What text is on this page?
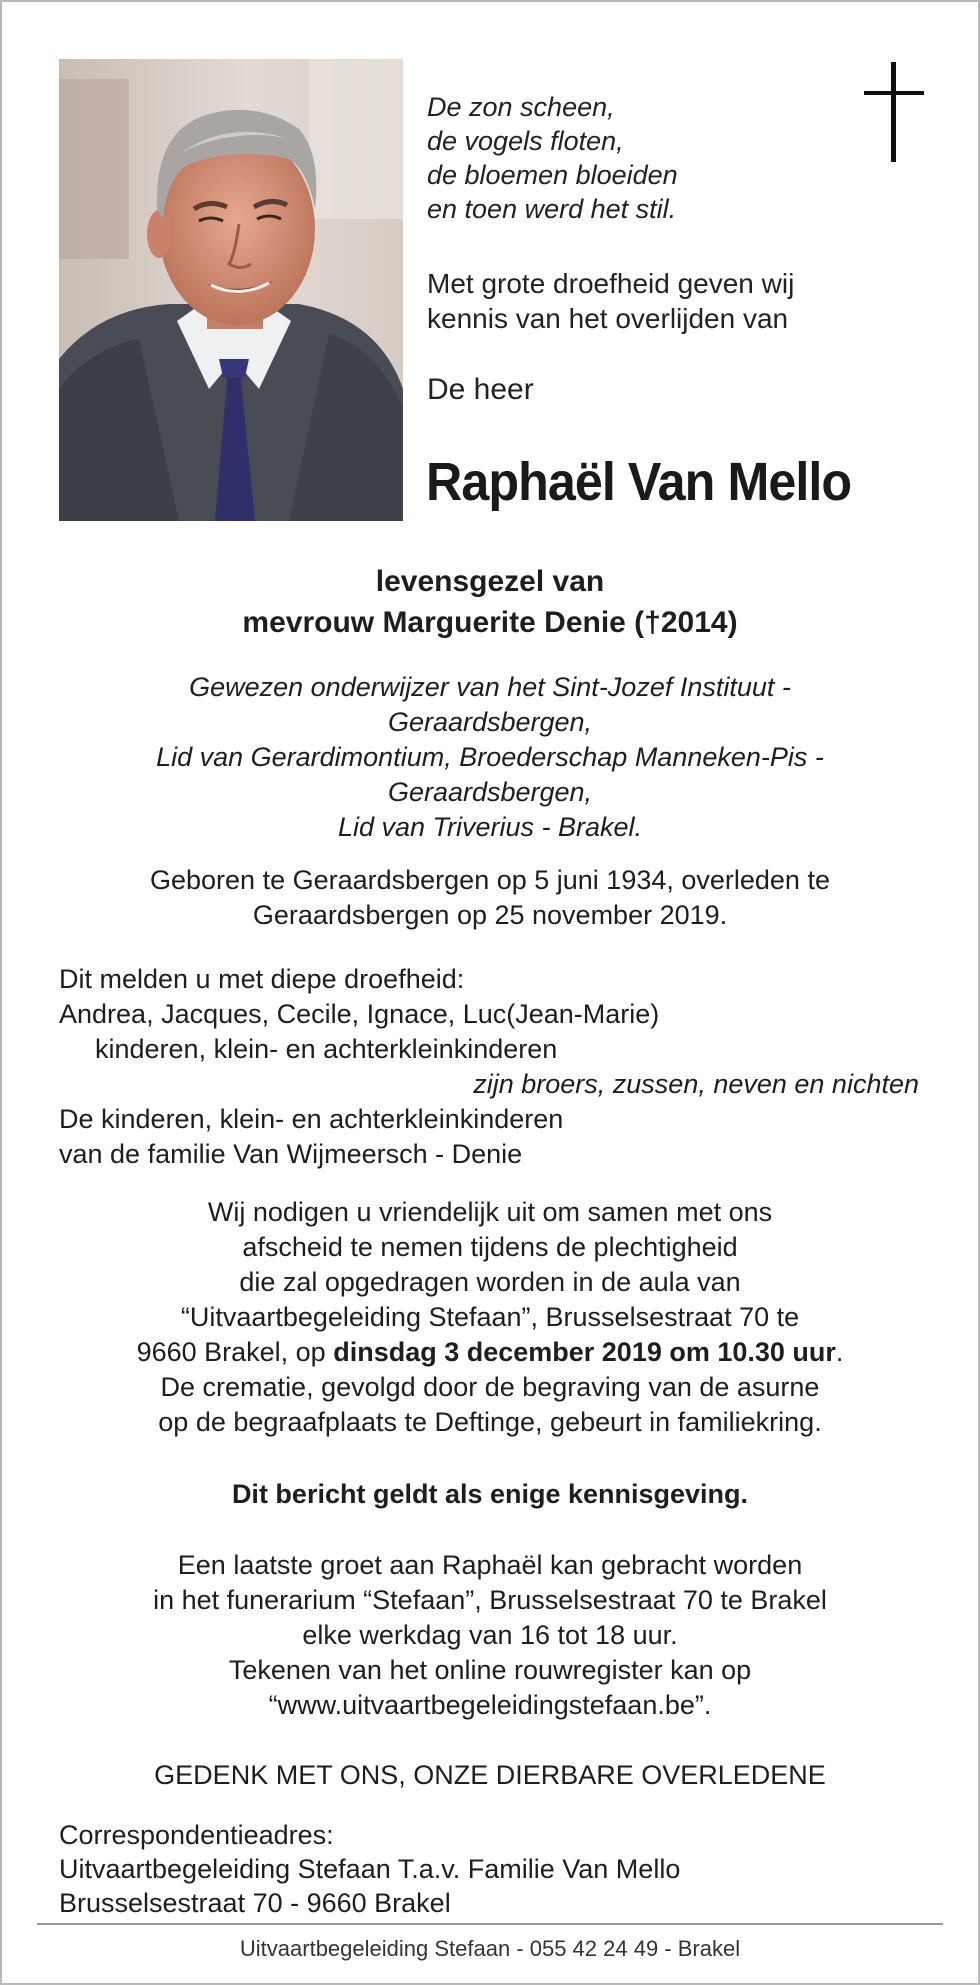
De zon scheen,
de vogels floten,
de bloemen bloeiden
en toen werd het stil.
Met grote droefheid geven wij
kennis van het overlijden van
De heer
Raphaël Van Mello
levensgezel van
mevrouw Marguerite Denie (†2014)
Gewezen onderwijzer van het Sint-Jozef Instituut -
Geraardsbergen,
Lid van Gerardimontium, Broederschap Manneken-Pis -
Geraardsbergen,
Lid van Triverius - Brakel.
Geboren te Geraardsbergen op 5 juni 1934, overleden te
Geraardsbergen op 25 november 2019.
Dit melden u met diepe droefheid:
Andrea, Jacques, Cecile, Ignace, Luc(Jean-Marie)
kinderen, klein- en achterkleinkinderen
zijn broers, zussen, neven en nichten
De kinderen, klein- en achterkleinkinderen
van de familie Van Wijmeersch - Denie
Wij nodigen u vriendelijk uit om samen met ons
afscheid te nemen tijdens de plechtigheid
die zal opgedragen worden in de aula van
“Uitvaartbegeleiding Stefaan”, Brusselsestraat 70 te
9660 Brakel, op dinsdag 3 december 2019 om 10.30 uur.
De crematie, gevolgd door de begraving van de asurne
op de begraafplaats te Deftinge, gebeurt in familiekring.
Dit bericht geldt als enige kennisgeving.
Een laatste groet aan Raphaël kan gebracht worden
in het funerarium “Stefaan”, Brusselsestraat 70 te Brakel
elke werkdag van 16 tot 18 uur.
Tekenen van het online rouwregister kan op
“www.uitvaartbegeleidingstefaan.be”.
GEDENK MET ONS, ONZE DIERBARE OVERLEDENE
Correspondentieadres:
Uitvaartbegeleiding Stefaan T.a.v. Familie Van Mello
Brusselsestraat 70 - 9660 Brakel
Uitvaartbegeleiding Stefaan - 055 42 24 49 - Brakel
